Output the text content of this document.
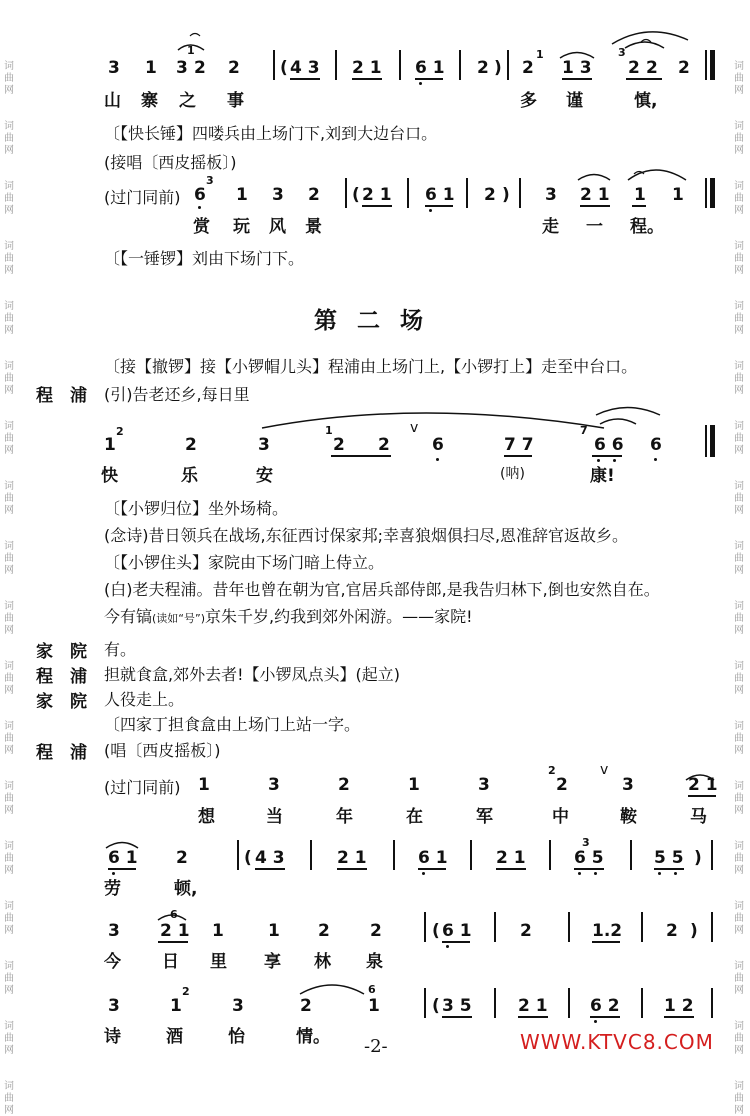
词
曲
网
词
曲
网
词
曲
网
词
曲
网
词
曲
网
词
曲
网
词
曲
网
词
曲
网
词
曲
网
词
曲
网
词
曲
网
词
曲
网
词
曲
网
词
曲
网
词
曲
网
词
曲
网
词
曲
网
词
曲
网
词
曲
网
词
曲
网
词
曲
网
词
曲
网
词
曲
网
词
曲
网
词
曲
网
词
曲
网
词
曲
网
词
曲
网
词
曲
网
词
曲
网
词
曲
网
词
曲
网
词
曲
网
词
曲
网
词
曲
网
词
曲
网
3 1 3
1
2 2 ( 4 3 2 1 6 1 2 ) 2
1
1 3
3
2 2 2
山 寨 之 事	多 谨	慎,
〔【快长锤】四喽兵由上场门下,刘到大边台口。
(接唱〔西皮摇板〕)
(过门同前) 6
3
1 3 2 ( 2 1 6 1 2 ) 3 2 1 1 1
赏 玩 风 景	走 一 程。
〔【一锤锣】刘由下场门下。
第 二 场
〔接【撤锣】接【小锣帽儿头】程浦由上场门上,【小锣打上】走至中台口。
程　浦 (引)告老还乡,每日里
1
2
2	3
1
2 2
v
6	7 7
7
6 6 6
快	乐	安	(呐)	康!
〔【小锣归位】坐外场椅。
(念诗)昔日领兵在战场,东征西讨保家邦;幸喜狼烟俱扫尽,恩准辞官返故乡。
〔【小锣住头】家院由下场门暗上侍立。
(白)老夫程浦。昔年也曾在朝为官,官居兵部侍郎,是我告归林下,倒也安然自在。
今有镐(读如“号”)京朱千岁,约我到郊外闲游。——家院!
家　院 有。
程　浦 担就食盒,郊外去者!【小锣凤点头】(起立)
家　院 人役走上。
〔四家丁担食盒由上场门上站一字。
程　浦 (唱〔西皮摇板〕)
(过门同前) 1	3	2	1	3
2
2
v
3	2 1
想	当	年	在	军	中	鞍	马
6 1 2	( 4 3	2 1	6 1	2 1
3
6 5	5 5 )
劳	顿,
3
6
2 1 1	1 2 2	( 6 1	2	1.2	2 )
今 日 里 享 林 泉
3	1
2
3	2
6
1	( 3 5	2 1 6 2	1 2
诗	酒	怡	情。 -2-	WWW.KTVC8.COM
